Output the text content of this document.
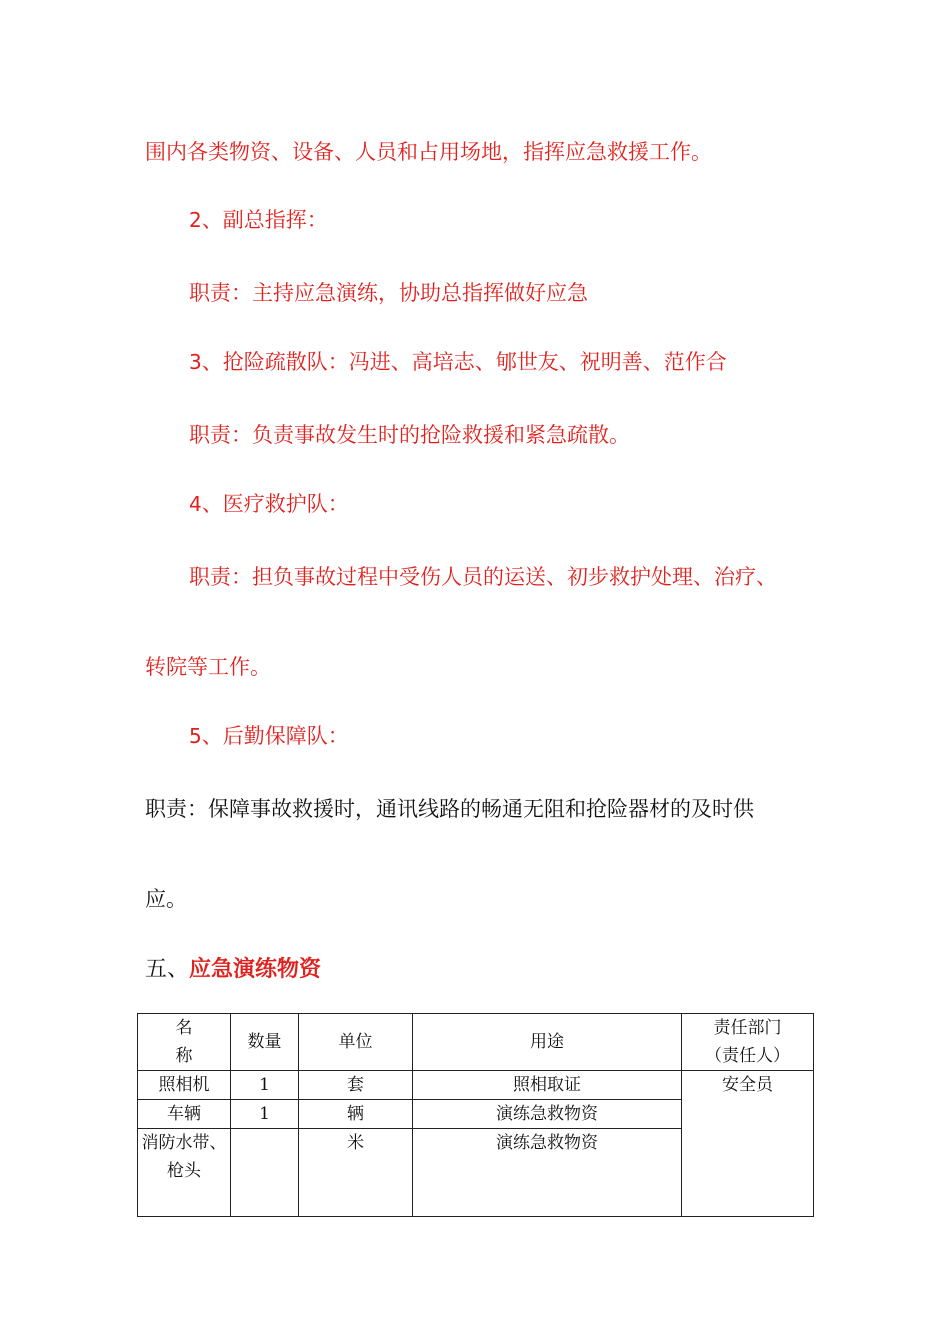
围内各类物资、设备、人员和占用场地，指挥应急救援工作。
2、副总指挥：
职责：主持应急演练，协助总指挥做好应急
3、抢险疏散队：冯进、高培志、郇世友、祝明善、范作合
职责：负责事故发生时的抢险救援和紧急疏散。
4、医疗救护队：
职责：担负事故过程中受伤人员的运送、初步救护处理、治疗、
转院等工作。
5、后勤保障队：
职责：保障事故救援时，通讯线路的畅通无阻和抢险器材的及时供
应。
五、应急演练物资
名
称	数量	单位	用途	责任部门
（责任人）
照相机	1	套	照相取证	安全员
车辆	1	辆	演练急救物资	
消防水带、枪头		米	演练急救物资	
